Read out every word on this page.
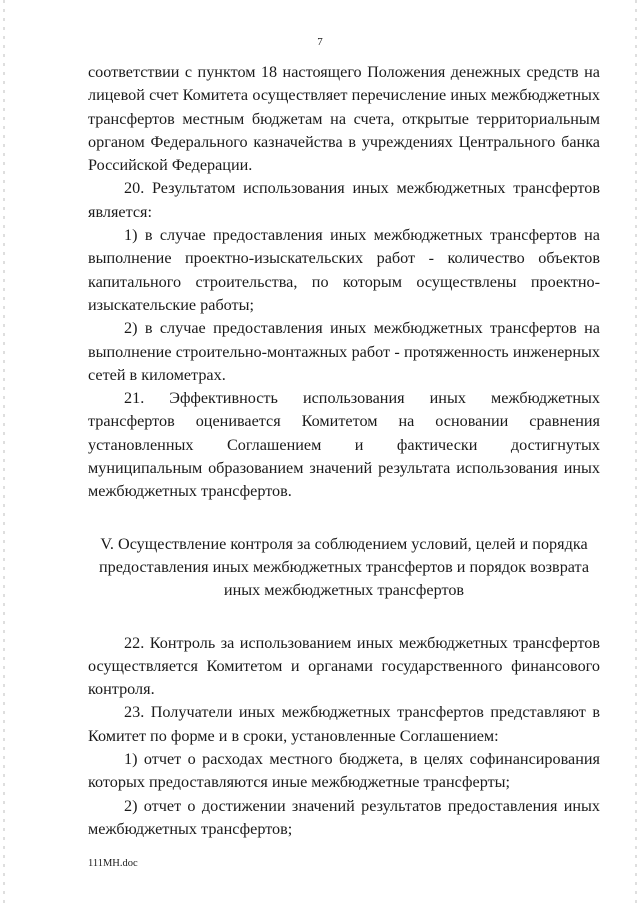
7

соответствии с пунктом 18 настоящего Положения денежных средств на лицевой счет Комитета осуществляет перечисление иных межбюджетных трансфертов местным бюджетам на счета, открытые территориальным органом Федерального казначейства в учреждениях Центрального банка Российской Федерации.

20. Результатом использования иных межбюджетных трансфертов является:

1) в случае предоставления иных межбюджетных трансфертов на выполнение проектно-изыскательских работ - количество объектов капитального строительства, по которым осуществлены проектно-изыскательские работы;

2) в случае предоставления иных межбюджетных трансфертов на выполнение строительно-монтажных работ - протяженность инженерных сетей в километрах.

21. Эффективность использования иных межбюджетных трансфертов оценивается Комитетом на основании сравнения установленных Соглашением и фактически достигнутых муниципальным образованием значений результата использования иных межбюджетных трансфертов.

V. Осуществление контроля за соблюдением условий, целей и порядка предоставления иных межбюджетных трансфертов и порядок возврата иных межбюджетных трансфертов

22. Контроль за использованием иных межбюджетных трансфертов осуществляется Комитетом и органами государственного финансового контроля.

23. Получатели иных межбюджетных трансфертов представляют в Комитет по форме и в сроки, установленные Соглашением:

1) отчет о расходах местного бюджета, в целях софинансирования которых предоставляются иные межбюджетные трансферты;

2) отчет о достижении значений результатов предоставления иных межбюджетных трансфертов;

111MH.doc
